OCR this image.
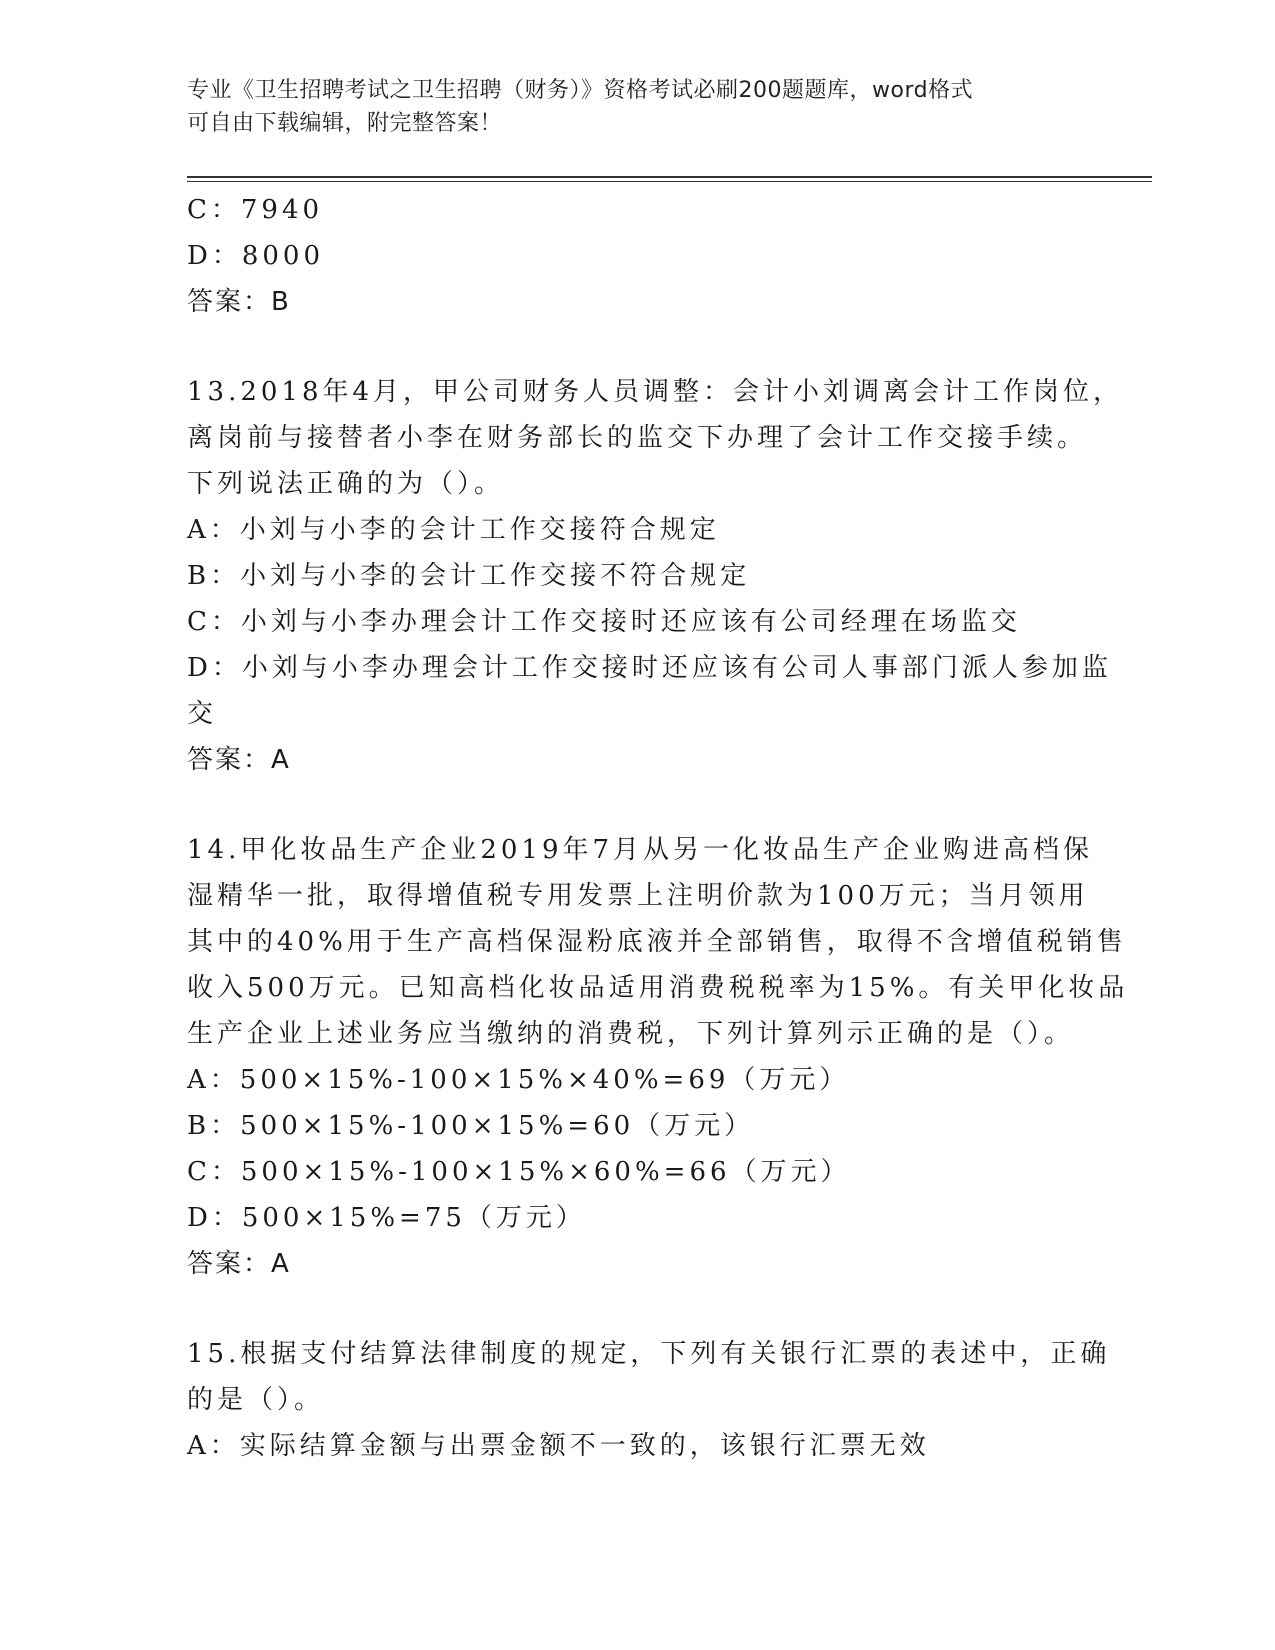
专业《卫生招聘考试之卫生招聘（财务）》资格考试必刷200题题库，word格式
可自由下载编辑，附完整答案！
C：7940
D：8000
答案：B
13.2018年4月，甲公司财务人员调整：会计小刘调离会计工作岗位，
离岗前与接替者小李在财务部长的监交下办理了会计工作交接手续。
下列说法正确的为（）。
A：小刘与小李的会计工作交接符合规定
B：小刘与小李的会计工作交接不符合规定
C：小刘与小李办理会计工作交接时还应该有公司经理在场监交
D：小刘与小李办理会计工作交接时还应该有公司人事部门派人参加监
交
答案：A
14.甲化妆品生产企业2019年7月从另一化妆品生产企业购进高档保
湿精华一批，取得增值税专用发票上注明价款为100万元；当月领用
其中的40%用于生产高档保湿粉底液并全部销售，取得不含增值税销售
收入500万元。已知高档化妆品适用消费税税率为15%。有关甲化妆品
生产企业上述业务应当缴纳的消费税，下列计算列示正确的是（）。
A：500×15%-100×15%×40%=69（万元）
B：500×15%-100×15%=60（万元）
C：500×15%-100×15%×60%=66（万元）
D：500×15%=75（万元）
答案：A
15.根据支付结算法律制度的规定，下列有关银行汇票的表述中，正确
的是（）。
A：实际结算金额与出票金额不一致的，该银行汇票无效
